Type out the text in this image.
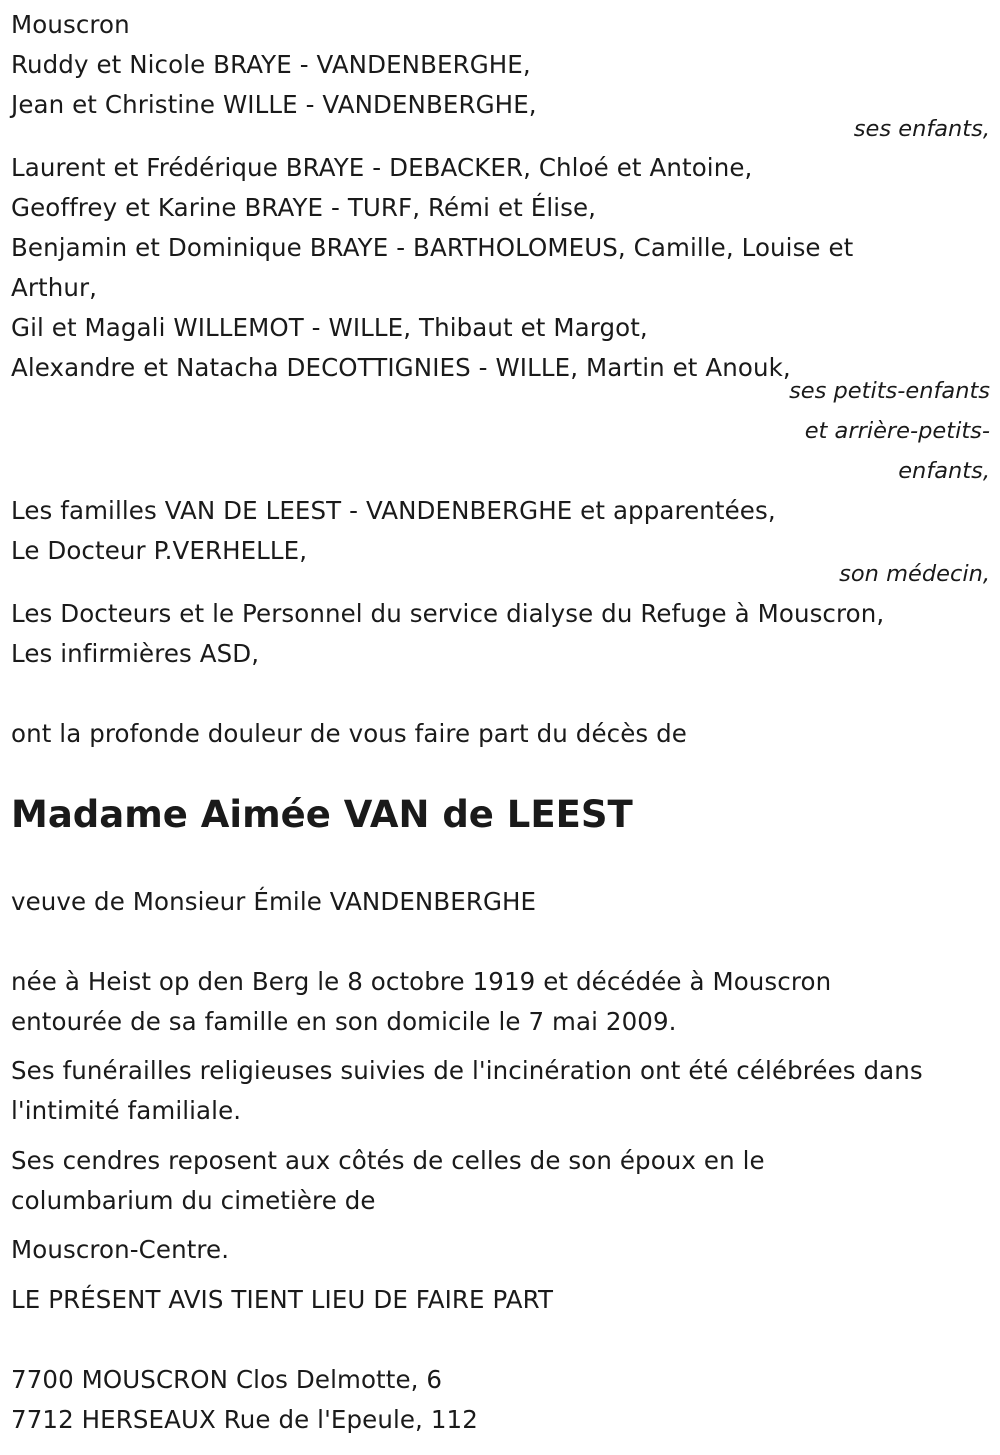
Mouscron
Ruddy et Nicole BRAYE - VANDENBERGHE,
Jean et Christine WILLE - VANDENBERGHE,
ses enfants,
Laurent et Frédérique BRAYE - DEBACKER, Chloé et Antoine,
Geoffrey et Karine BRAYE - TURF, Rémi et Élise,
Benjamin et Dominique BRAYE - BARTHOLOMEUS, Camille, Louise et
Arthur,
Gil et Magali WILLEMOT - WILLE, Thibaut et Margot,
Alexandre et Natacha DECOTTIGNIES - WILLE, Martin et Anouk,
ses petits-enfants
et arrière-petits-
enfants,
Les familles VAN DE LEEST - VANDENBERGHE et apparentées,
Le Docteur P.VERHELLE,
son médecin,
Les Docteurs et le Personnel du service dialyse du Refuge à Mouscron,
Les infirmières ASD,
ont la profonde douleur de vous faire part du décès de
Madame Aimée VAN de LEEST
veuve de Monsieur Émile VANDENBERGHE
née à Heist op den Berg le 8 octobre 1919 et décédée à Mouscron
entourée de sa famille en son domicile le 7 mai 2009.
Ses funérailles religieuses suivies de l'incinération ont été célébrées dans
l'intimité familiale.
Ses cendres reposent aux côtés de celles de son époux en le
columbarium du cimetière de
Mouscron-Centre.
LE PRÉSENT AVIS TIENT LIEU DE FAIRE PART
7700 MOUSCRON Clos Delmotte, 6
7712 HERSEAUX Rue de l'Epeule, 112
